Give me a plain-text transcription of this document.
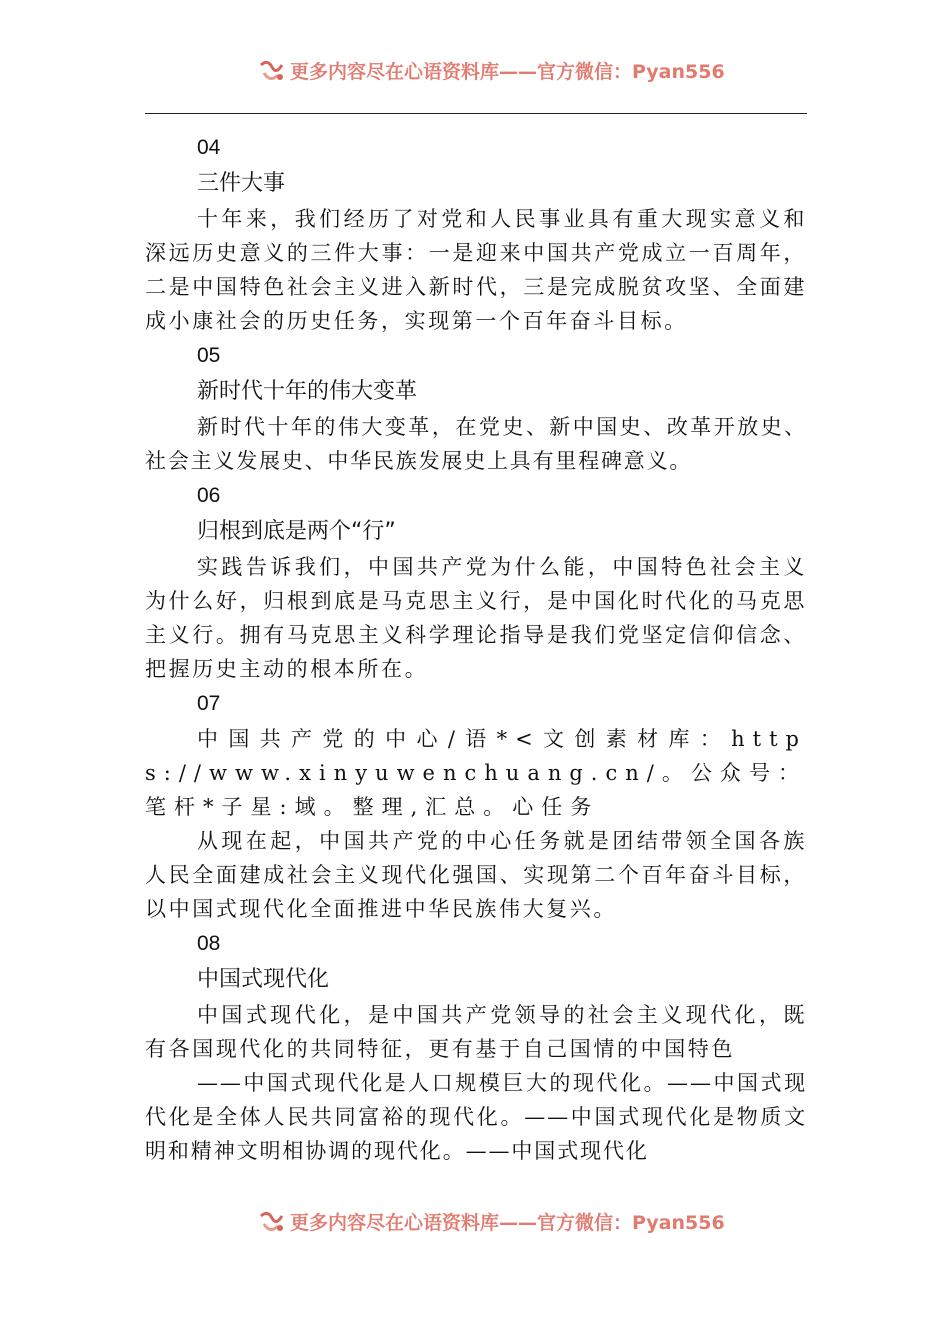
更多内容尽在心语资料库——官方微信：Pyan556
04
三件大事

十年来，我们经历了对党和人民事业具有重大现实意义和深远历史意义的三件大事：一是迎来中国共产党成立一百周年，二是中国特色社会主义进入新时代，三是完成脱贫攻坚、全面建成小康社会的历史任务，实现第一个百年奋斗目标。

05
新时代十年的伟大变革

新时代十年的伟大变革，在党史、新中国史、改革开放史、社会主义发展史、中华民族发展史上具有里程碑意义。

06
归根到底是两个“行”

实践告诉我们，中国共产党为什么能，中国特色社会主义为什么好，归根到底是马克思主义行，是中国化时代化的马克思主义行。拥有马克思主义科学理论指导是我们党坚定信仰信念、把握历史主动的根本所在。

07

中国共产党的中心/语*<文创素材库：https://www.xinyuwenchuang.cn/。公众号：笔杆*子星:域。整理,汇总。心任务

从现在起，中国共产党的中心任务就是团结带领全国各族人民全面建成社会主义现代化强国、实现第二个百年奋斗目标，以中国式现代化全面推进中华民族伟大复兴。

08
中国式现代化

中国式现代化，是中国共产党领导的社会主义现代化，既有各国现代化的共同特征，更有基于自己国情的中国特色

——中国式现代化是人口规模巨大的现代化。——中国式现代化是全体人民共同富裕的现代化。——中国式现代化是物质文明和精神文明相协调的现代化。——中国式现代化

更多内容尽在心语资料库——官方微信：Pyan556
